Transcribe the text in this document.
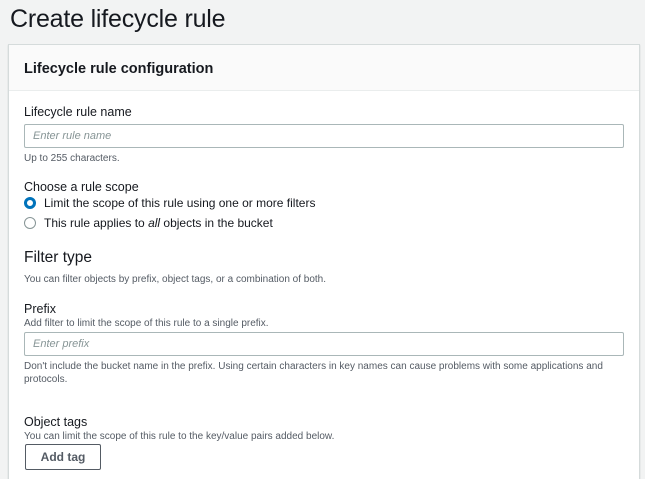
Create lifecycle rule
Lifecycle rule configuration
Lifecycle rule name
Enter rule name
Up to 255 characters.
Choose a rule scope
Limit the scope of this rule using one or more filters
This rule applies to all objects in the bucket
Filter type
You can filter objects by prefix, object tags, or a combination of both.
Prefix
Add filter to limit the scope of this rule to a single prefix.
Enter prefix
Don't include the bucket name in the prefix. Using certain characters in key names can cause problems with some applications and protocols.
Object tags
You can limit the scope of this rule to the key/value pairs added below.
Add tag
